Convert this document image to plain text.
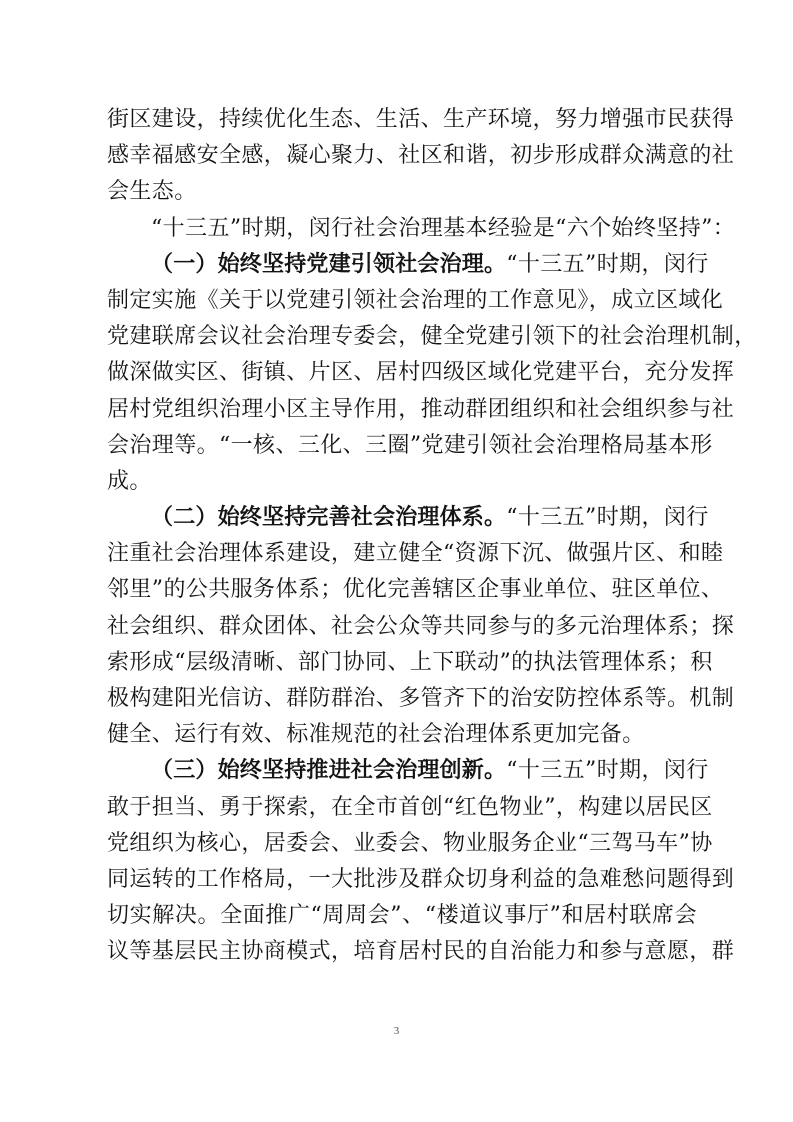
街区建设，持续优化生态、生活、生产环境，努力增强市民获得
感幸福感安全感，凝心聚力、社区和谐，初步形成群众满意的社
会生态。
“十三五”时期，闵行社会治理基本经验是“六个始终坚持”：
（一）始终坚持党建引领社会治理。“十三五”时期，闵行
制定实施《关于以党建引领社会治理的工作意见》，成立区域化
党建联席会议社会治理专委会，健全党建引领下的社会治理机制，
做深做实区、街镇、片区、居村四级区域化党建平台，充分发挥
居村党组织治理小区主导作用，推动群团组织和社会组织参与社
会治理等。“一核、三化、三圈”党建引领社会治理格局基本形
成。
（二）始终坚持完善社会治理体系。“十三五”时期，闵行
注重社会治理体系建设，建立健全“资源下沉、做强片区、和睦
邻里”的公共服务体系；优化完善辖区企事业单位、驻区单位、
社会组织、群众团体、社会公众等共同参与的多元治理体系；探
索形成“层级清晰、部门协同、上下联动”的执法管理体系；积
极构建阳光信访、群防群治、多管齐下的治安防控体系等。机制
健全、运行有效、标准规范的社会治理体系更加完备。
（三）始终坚持推进社会治理创新。“十三五”时期，闵行
敢于担当、勇于探索，在全市首创“红色物业”，构建以居民区
党组织为核心，居委会、业委会、物业服务企业“三驾马车”协
同运转的工作格局，一大批涉及群众切身利益的急难愁问题得到
切实解决。全面推广“周周会”、“楼道议事厅”和居村联席会
议等基层民主协商模式，培育居村民的自治能力和参与意愿，群
3
